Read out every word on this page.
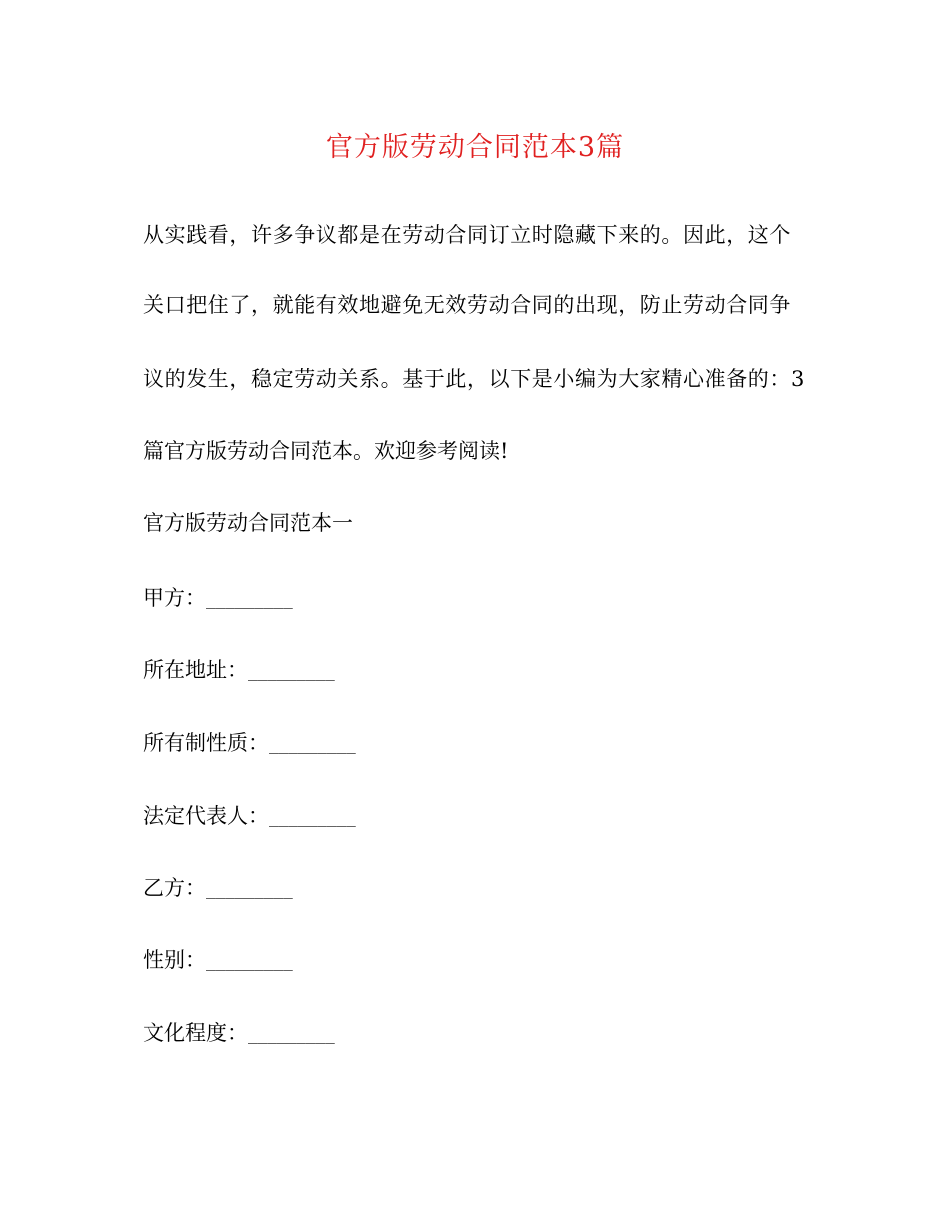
官方版劳动合同范本3篇
从实践看，许多争议都是在劳动合同订立时隐藏下来的。因此，这个
关口把住了，就能有效地避免无效劳动合同的出现，防止劳动合同争
议的发生，稳定劳动关系。基于此，以下是小编为大家精心准备的：3
篇官方版劳动合同范本。欢迎参考阅读!
官方版劳动合同范本一
甲方：_________
所在地址：_________
所有制性质：_________
法定代表人：_________
乙方：_________
性别：_________
文化程度：_________
